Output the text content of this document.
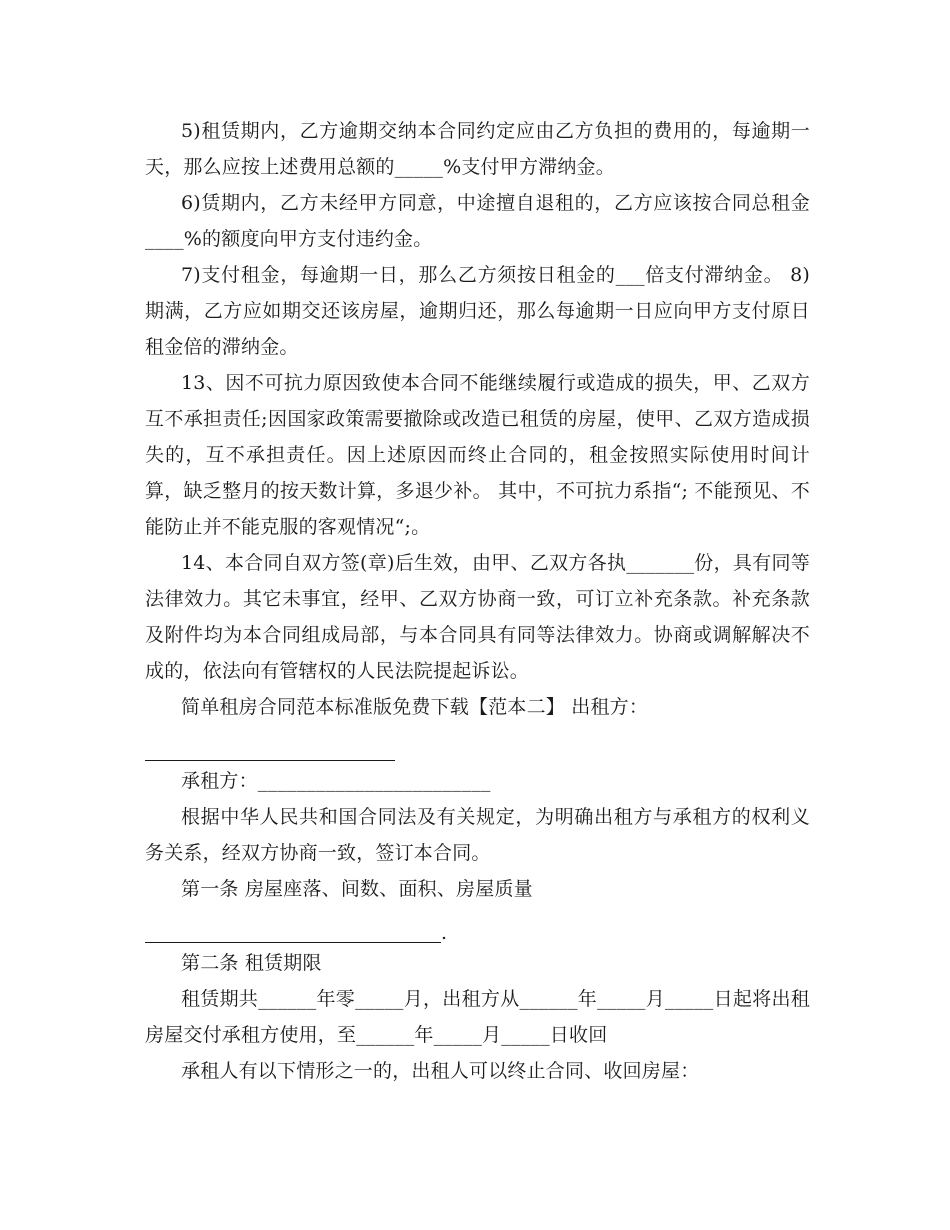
5)租赁期内，乙方逾期交纳本合同约定应由乙方负担的费用的，每逾期一天，那么应按上述费用总额的_____%支付甲方滞纳金。

6)赁期内，乙方未经甲方同意，中途擅自退租的，乙方应该按合同总租金____%的额度向甲方支付违约金。

7)支付租金，每逾期一日，那么乙方须按日租金的___倍支付滞纳金。 8)期满，乙方应如期交还该房屋，逾期归还，那么每逾期一日应向甲方支付原日租金倍的滞纳金。

13、因不可抗力原因致使本合同不能继续履行或造成的损失，甲、乙双方互不承担责任;因国家政策需要撤除或改造已租赁的房屋，使甲、乙双方造成损失的，互不承担责任。因上述原因而终止合同的，租金按照实际使用时间计算，缺乏整月的按天数计算，多退少补。 其中，不可抗力系指“; 不能预见、不能防止并不能克服的客观情况“;。

14、本合同自双方签(章)后生效，由甲、乙双方各执_______份，具有同等法律效力。其它未事宜，经甲、乙双方协商一致，可订立补充条款。补充条款及附件均为本合同组成局部，与本合同具有同等法律效力。协商或调解解决不成的，依法向有管辖权的人民法院提起诉讼。

简单租房合同范本标准版免费下载【范本二】 出租方：

承租方：________________________

根据中华人民共和国合同法及有关规定，为明确出租方与承租方的权利义务关系，经双方协商一致，签订本合同。

第一条 房屋座落、间数、面积、房屋质量

.

第二条 租赁期限

租赁期共______年零_____月，出租方从______年_____月_____日起将出租房屋交付承租方使用，至______年_____月_____日收回

承租人有以下情形之一的，出租人可以终止合同、收回房屋：
